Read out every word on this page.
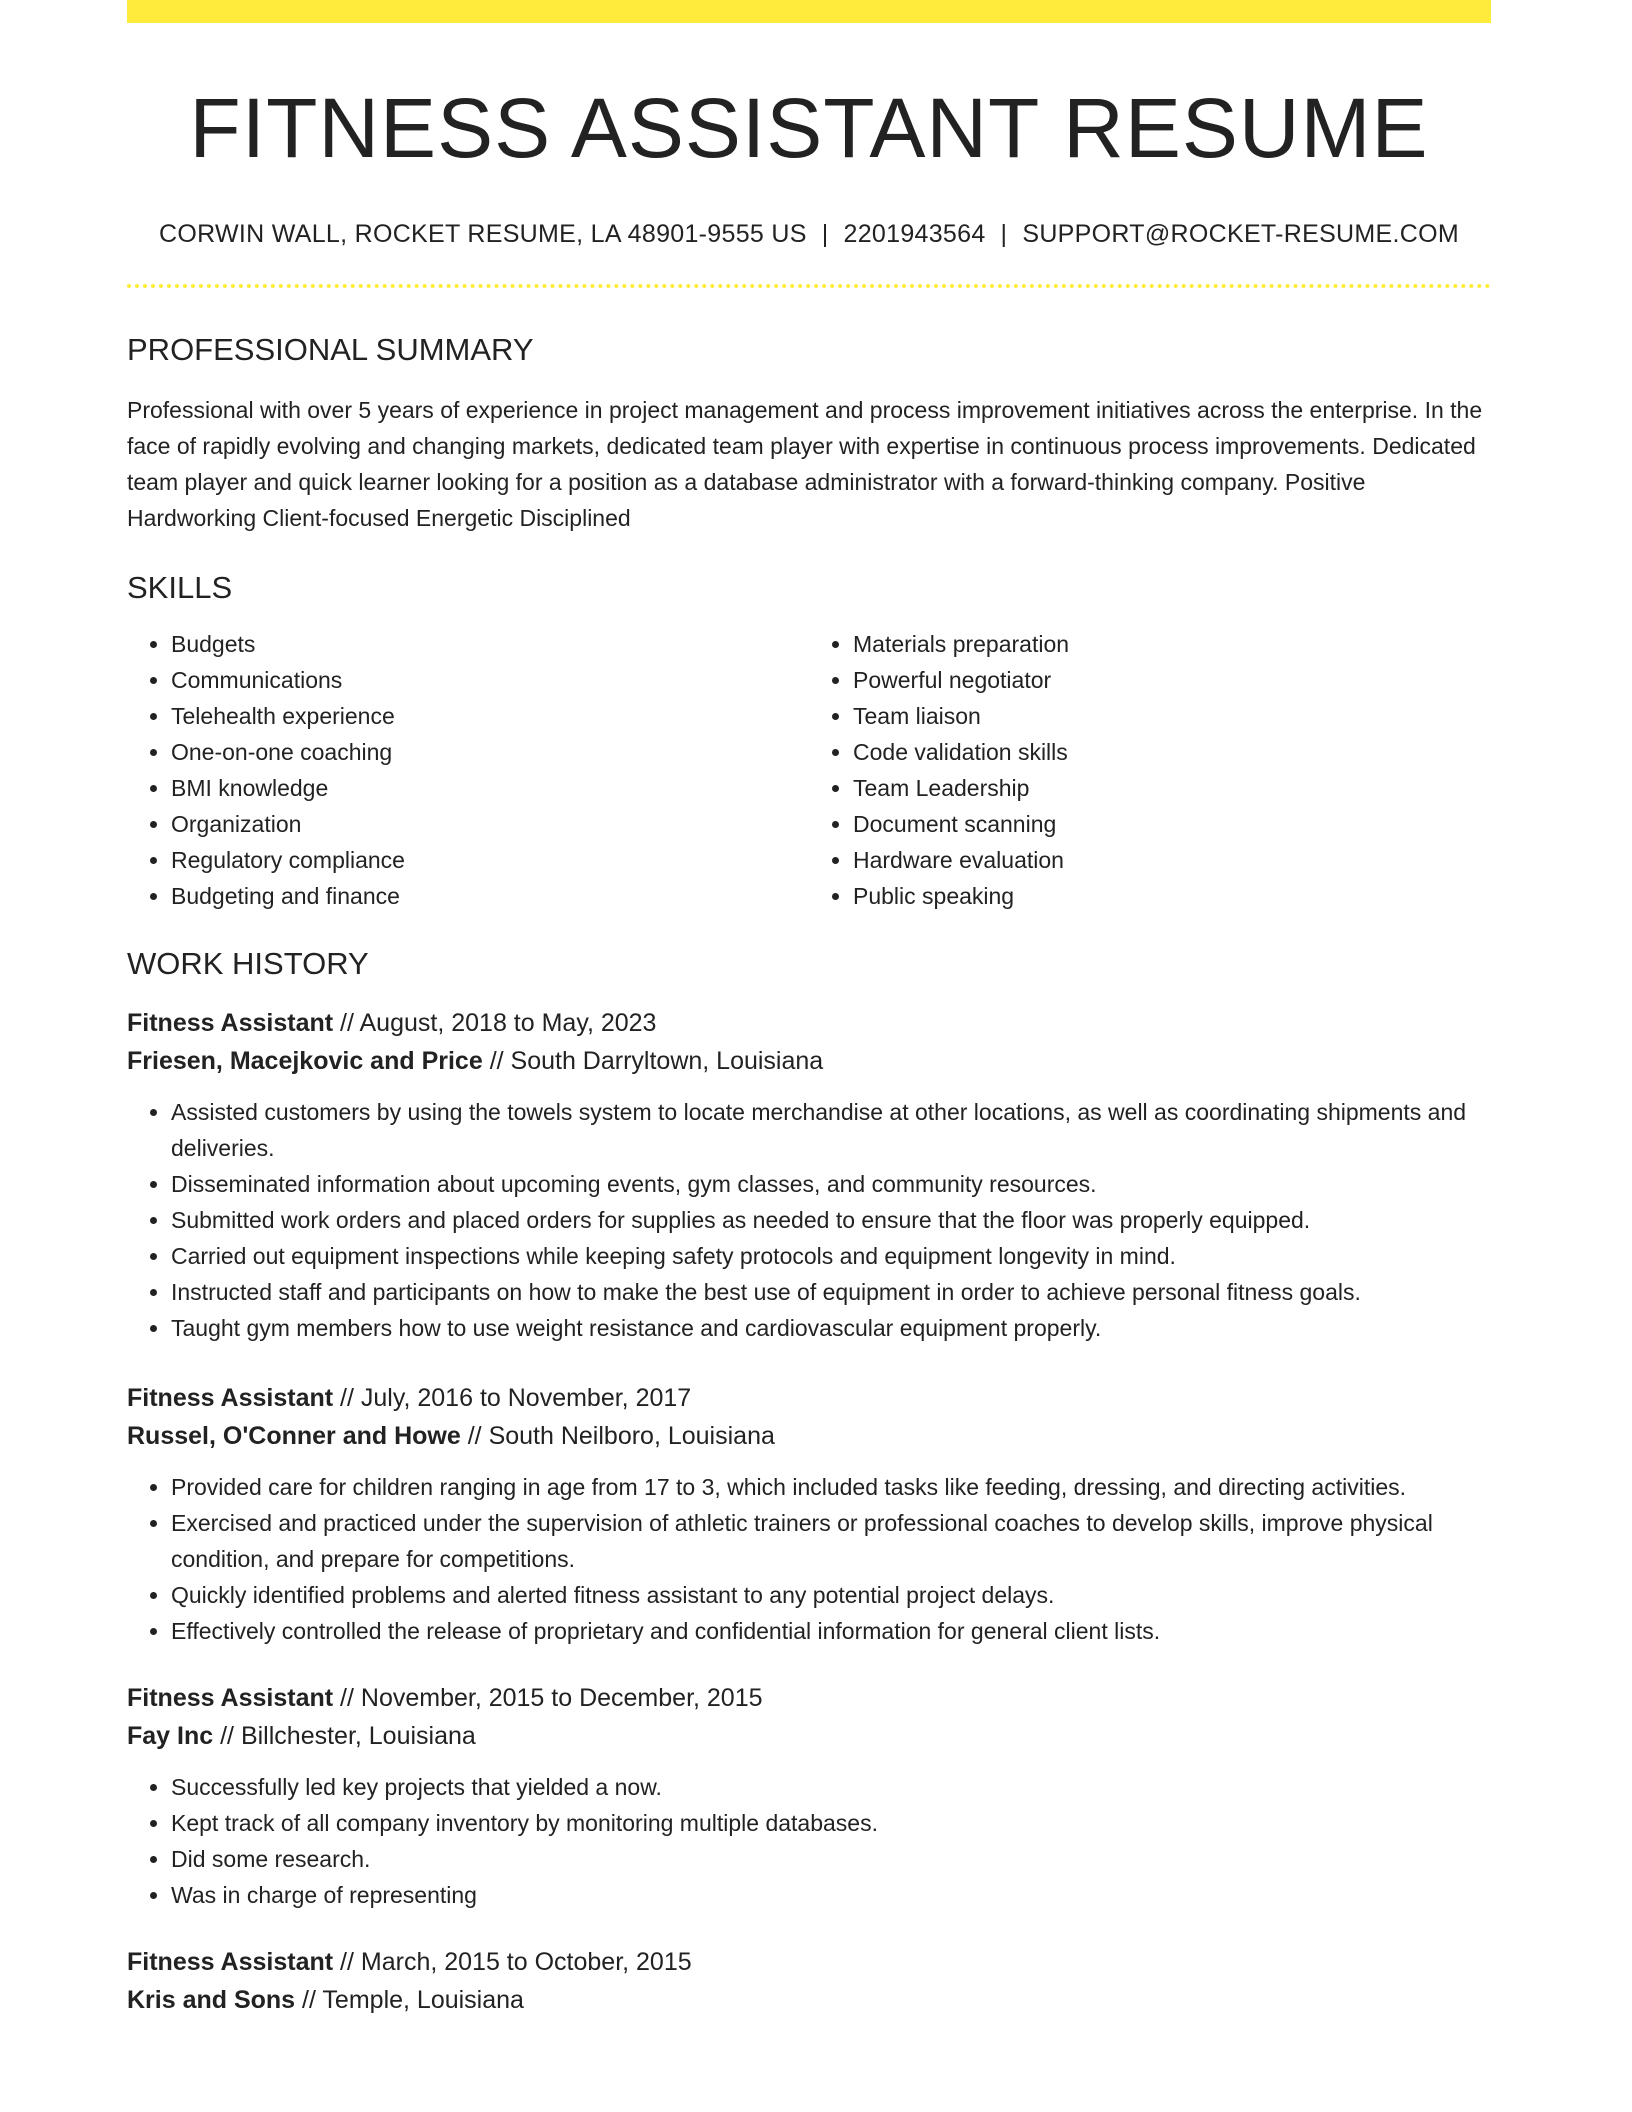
FITNESS ASSISTANT RESUME
CORWIN WALL, ROCKET RESUME, LA 48901-9555 US | 2201943564 | SUPPORT@ROCKET-RESUME.COM
PROFESSIONAL SUMMARY

Professional with over 5 years of experience in project management and process improvement initiatives across the enterprise. In the face of rapidly evolving and changing markets, dedicated team player with expertise in continuous process improvements. Dedicated team player and quick learner looking for a position as a database administrator with a forward-thinking company. Positive Hardworking Client-focused Energetic Disciplined

SKILLS
• Budgets
• Communications
• Telehealth experience
• One-on-one coaching
• BMI knowledge
• Organization
• Regulatory compliance
• Budgeting and finance
• Materials preparation
• Powerful negotiator
• Team liaison
• Code validation skills
• Team Leadership
• Document scanning
• Hardware evaluation
• Public speaking
WORK HISTORY
Fitness Assistant // August, 2018 to May, 2023
Friesen, Macejkovic and Price // South Darryltown, Louisiana
• Assisted customers by using the towels system to locate merchandise at other locations, as well as coordinating shipments and deliveries.
• Disseminated information about upcoming events, gym classes, and community resources.
• Submitted work orders and placed orders for supplies as needed to ensure that the floor was properly equipped.
• Carried out equipment inspections while keeping safety protocols and equipment longevity in mind.
• Instructed staff and participants on how to make the best use of equipment in order to achieve personal fitness goals.
• Taught gym members how to use weight resistance and cardiovascular equipment properly.
Fitness Assistant // July, 2016 to November, 2017
Russel, O'Conner and Howe // South Neilboro, Louisiana
• Provided care for children ranging in age from 17 to 3, which included tasks like feeding, dressing, and directing activities.
• Exercised and practiced under the supervision of athletic trainers or professional coaches to develop skills, improve physical condition, and prepare for competitions.
• Quickly identified problems and alerted fitness assistant to any potential project delays.
• Effectively controlled the release of proprietary and confidential information for general client lists.
Fitness Assistant // November, 2015 to December, 2015
Fay Inc // Billchester, Louisiana
• Successfully led key projects that yielded a now.
• Kept track of all company inventory by monitoring multiple databases.
• Did some research.
• Was in charge of representing
Fitness Assistant // March, 2015 to October, 2015
Kris and Sons // Temple, Louisiana
